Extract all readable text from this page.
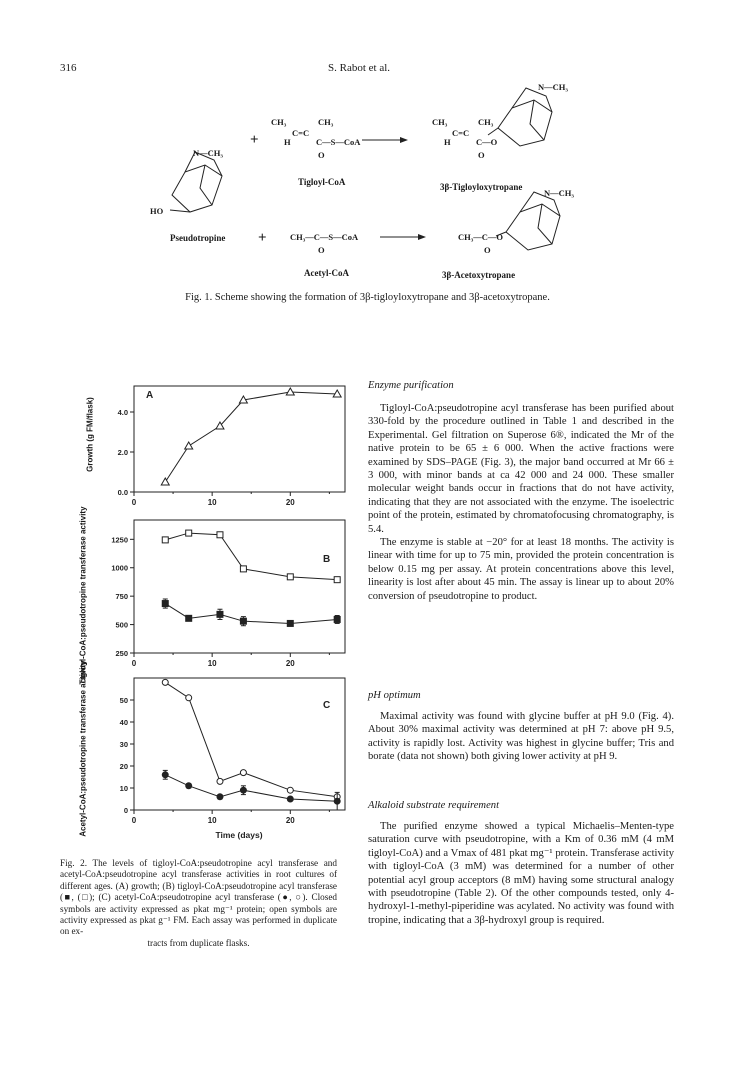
316	S. Rabot et al.
CH₃	CH₃
C=C
H	C—S—CoA
O
CH₃	CH₃
C=C
H	C—O
O
N—CH₃
N—CH₃
HO
CH₃—C—S—CoA
O
CH₃—C—O
O
N—CH₃
+
+
Tigloyl-CoA	3β-Tigloyloxytropane
Pseudotropine
Acetyl-CoA	3β-Acetoxytropane
Fig. 1. Scheme showing the formation of 3β-tigloyloxytropane and 3β-acetoxytropane.
A
0	10	20
0.0
2.0
4.0
B
0	10	20
250
500
750
1000
1250
C
0	10	20
0
10
20
30
40
50
Time (days)
Growth (g FM/flask)
Tigloyl-CoA:pseudotropine transferase activity
Acetyl-CoA:pseudotropine transferase activity
Fig. 2. The levels of tigloyl-CoA:pseudotropine acyl transferase and acetyl-CoA:pseudotropine acyl transferase activities in root cultures of different ages. (A) growth; (B) tigloyl-CoA:pseudotropine acyl transferase (■, (□); (C) acetyl-CoA:pseudotropine acyl transferase (●, ○). Closed symbols are activity expressed as pkat mg⁻¹ protein; open symbols are activity expressed as pkat g⁻¹ FM. Each assay was performed in duplicate on ex-
tracts from duplicate flasks.
Enzyme purification

Tigloyl-CoA:pseudotropine acyl transferase has been purified about 330-fold by the procedure outlined in Table 1 and described in the Experimental. Gel filtration on Superose 6®, indicated the Mr of the native protein to be 65 ± 6 000. When the active fractions were examined by SDS–PAGE (Fig. 3), the major band occurred at Mr 66 ± 3 000, with minor bands at ca 42 000 and 24 000. These smaller molecular weight bands occur in fractions that do not have activity, indicating that they are not associated with the enzyme. The isoelectric point of the protein, estimated by chromatofocusing chromatography, is 5.4.

The enzyme is stable at −20° for at least 18 months. The activity is linear with time for up to 75 min, provided the protein concentration is below 0.15 mg per assay. At protein concentrations above this level, linearity is lost after about 45 min. The assay is linear up to about 20% conversion of pseudotropine to product.

pH optimum

Maximal activity was found with glycine buffer at pH 9.0 (Fig. 4). About 30% maximal activity was determined at pH 7: above pH 9.5, activity is rapidly lost. Activity was highest in glycine buffer; Tris and borate (data not shown) both giving lower activity at pH 9.

Alkaloid substrate requirement

The purified enzyme showed a typical Michaelis–Menten-type saturation curve with pseudotropine, with a Km of 0.36 mM (4 mM tigloyl-CoA) and a Vmax of 481 pkat mg⁻¹ protein. Transferase activity with tigloyl-CoA (3 mM) was determined for a number of other potential acyl group acceptors (8 mM) having some structural analogy with pseudotropine (Table 2). Of the other compounds tested, only 4-hydroxyl-1-methyl-piperidine was acylated. No activity was found with tropine, indicating that a 3β-hydroxyl group is required.
